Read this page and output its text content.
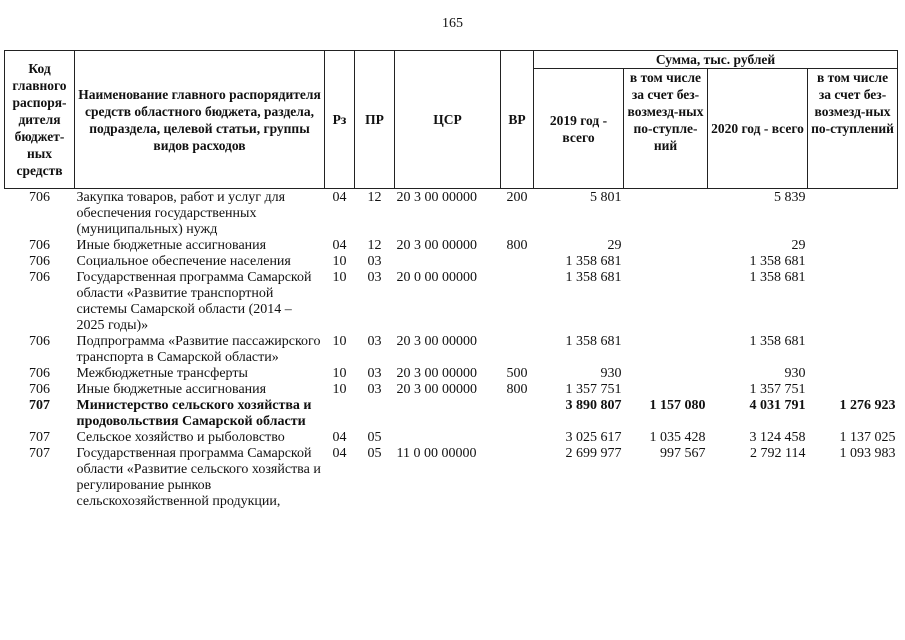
165
Код главного распоря-дителя бюджет-ных средств	Наименование главного распорядителя средств областного бюджета, раздела, подраздела, целевой статьи, группы видов расходов	Рз	ПР	ЦСР	ВР	Сумма, тыс. рублей			
						2019 год - всего	в том числе за счет без-возмезд-ных по-ступле-ний	2020 год - всего	в том числе за счет без-возмезд-ных по-ступлений
706	Закупка товаров, работ и услуг для обеспечения государственных (муниципальных) нужд	04	12	20 3 00 00000	200	5 801		5 839	
706	Иные бюджетные ассигнования	04	12	20 3 00 00000	800	29		29	
706	Социальное обеспечение населения	10	03			1 358 681		1 358 681	
706	Государственная программа Самарской области «Развитие транспортной системы Самарской области (2014 – 2025 годы)»	10	03	20 0 00 00000		1 358 681		1 358 681	
706	Подпрограмма «Развитие пассажирского транспорта в Самарской области»	10	03	20 3 00 00000		1 358 681		1 358 681	
706	Межбюджетные трансферты	10	03	20 3 00 00000	500	930		930	
706	Иные бюджетные ассигнования	10	03	20 3 00 00000	800	1 357 751		1 357 751	
707	Министерство сельского хозяйства и продовольствия Самарской области					3 890 807	1 157 080	4 031 791	1 276 923
707	Сельское хозяйство и рыболовство	04	05			3 025 617	1 035 428	3 124 458	1 137 025
707	Государственная программа Самарской области «Развитие сельского хозяйства и регулирование рынков сельскохозяйственной продукции,	04	05	11 0 00 00000		2 699 977	997 567	2 792 114	1 093 983
